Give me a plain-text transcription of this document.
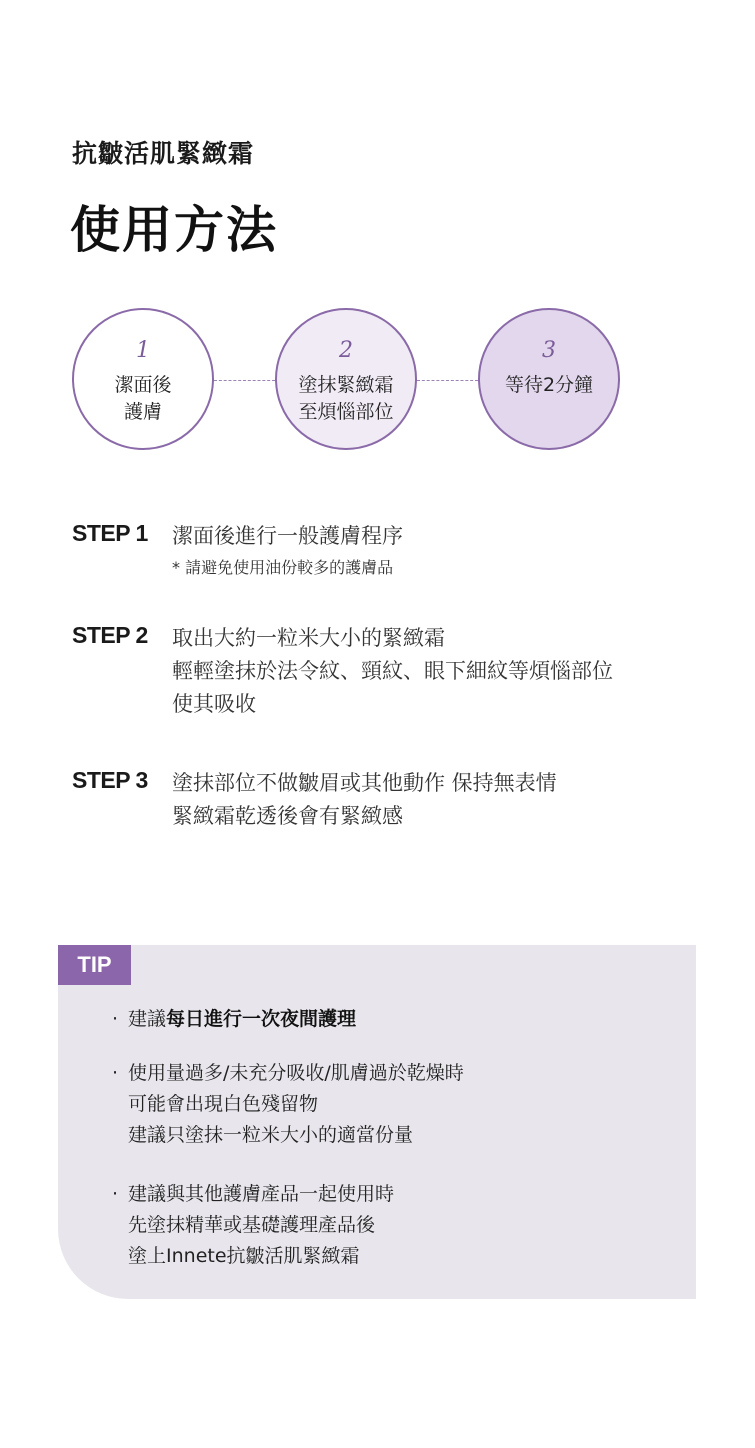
抗皺活肌緊緻霜
使用方法
1
潔面後護膚
2
塗抹緊緻霜至煩惱部位
3
等待2分鐘
STEP 1 潔面後進行一般護膚程序
* 請避免使用油份較多的護膚品
STEP 2 取出大約一粒米大小的緊緻霜
輕輕塗抹於法令紋、頸紋、眼下細紋等煩惱部位
使其吸收
STEP 3 塗抹部位不做皺眉或其他動作 保持無表情
緊緻霜乾透後會有緊緻感
TIP
· 建議每日進行一次夜間護理
· 使用量過多/未充分吸收/肌膚過於乾燥時
可能會出現白色殘留物
建議只塗抹一粒米大小的適當份量
· 建議與其他護膚產品一起使用時
先塗抹精華或基礎護理產品後
塗上Innete抗皺活肌緊緻霜
